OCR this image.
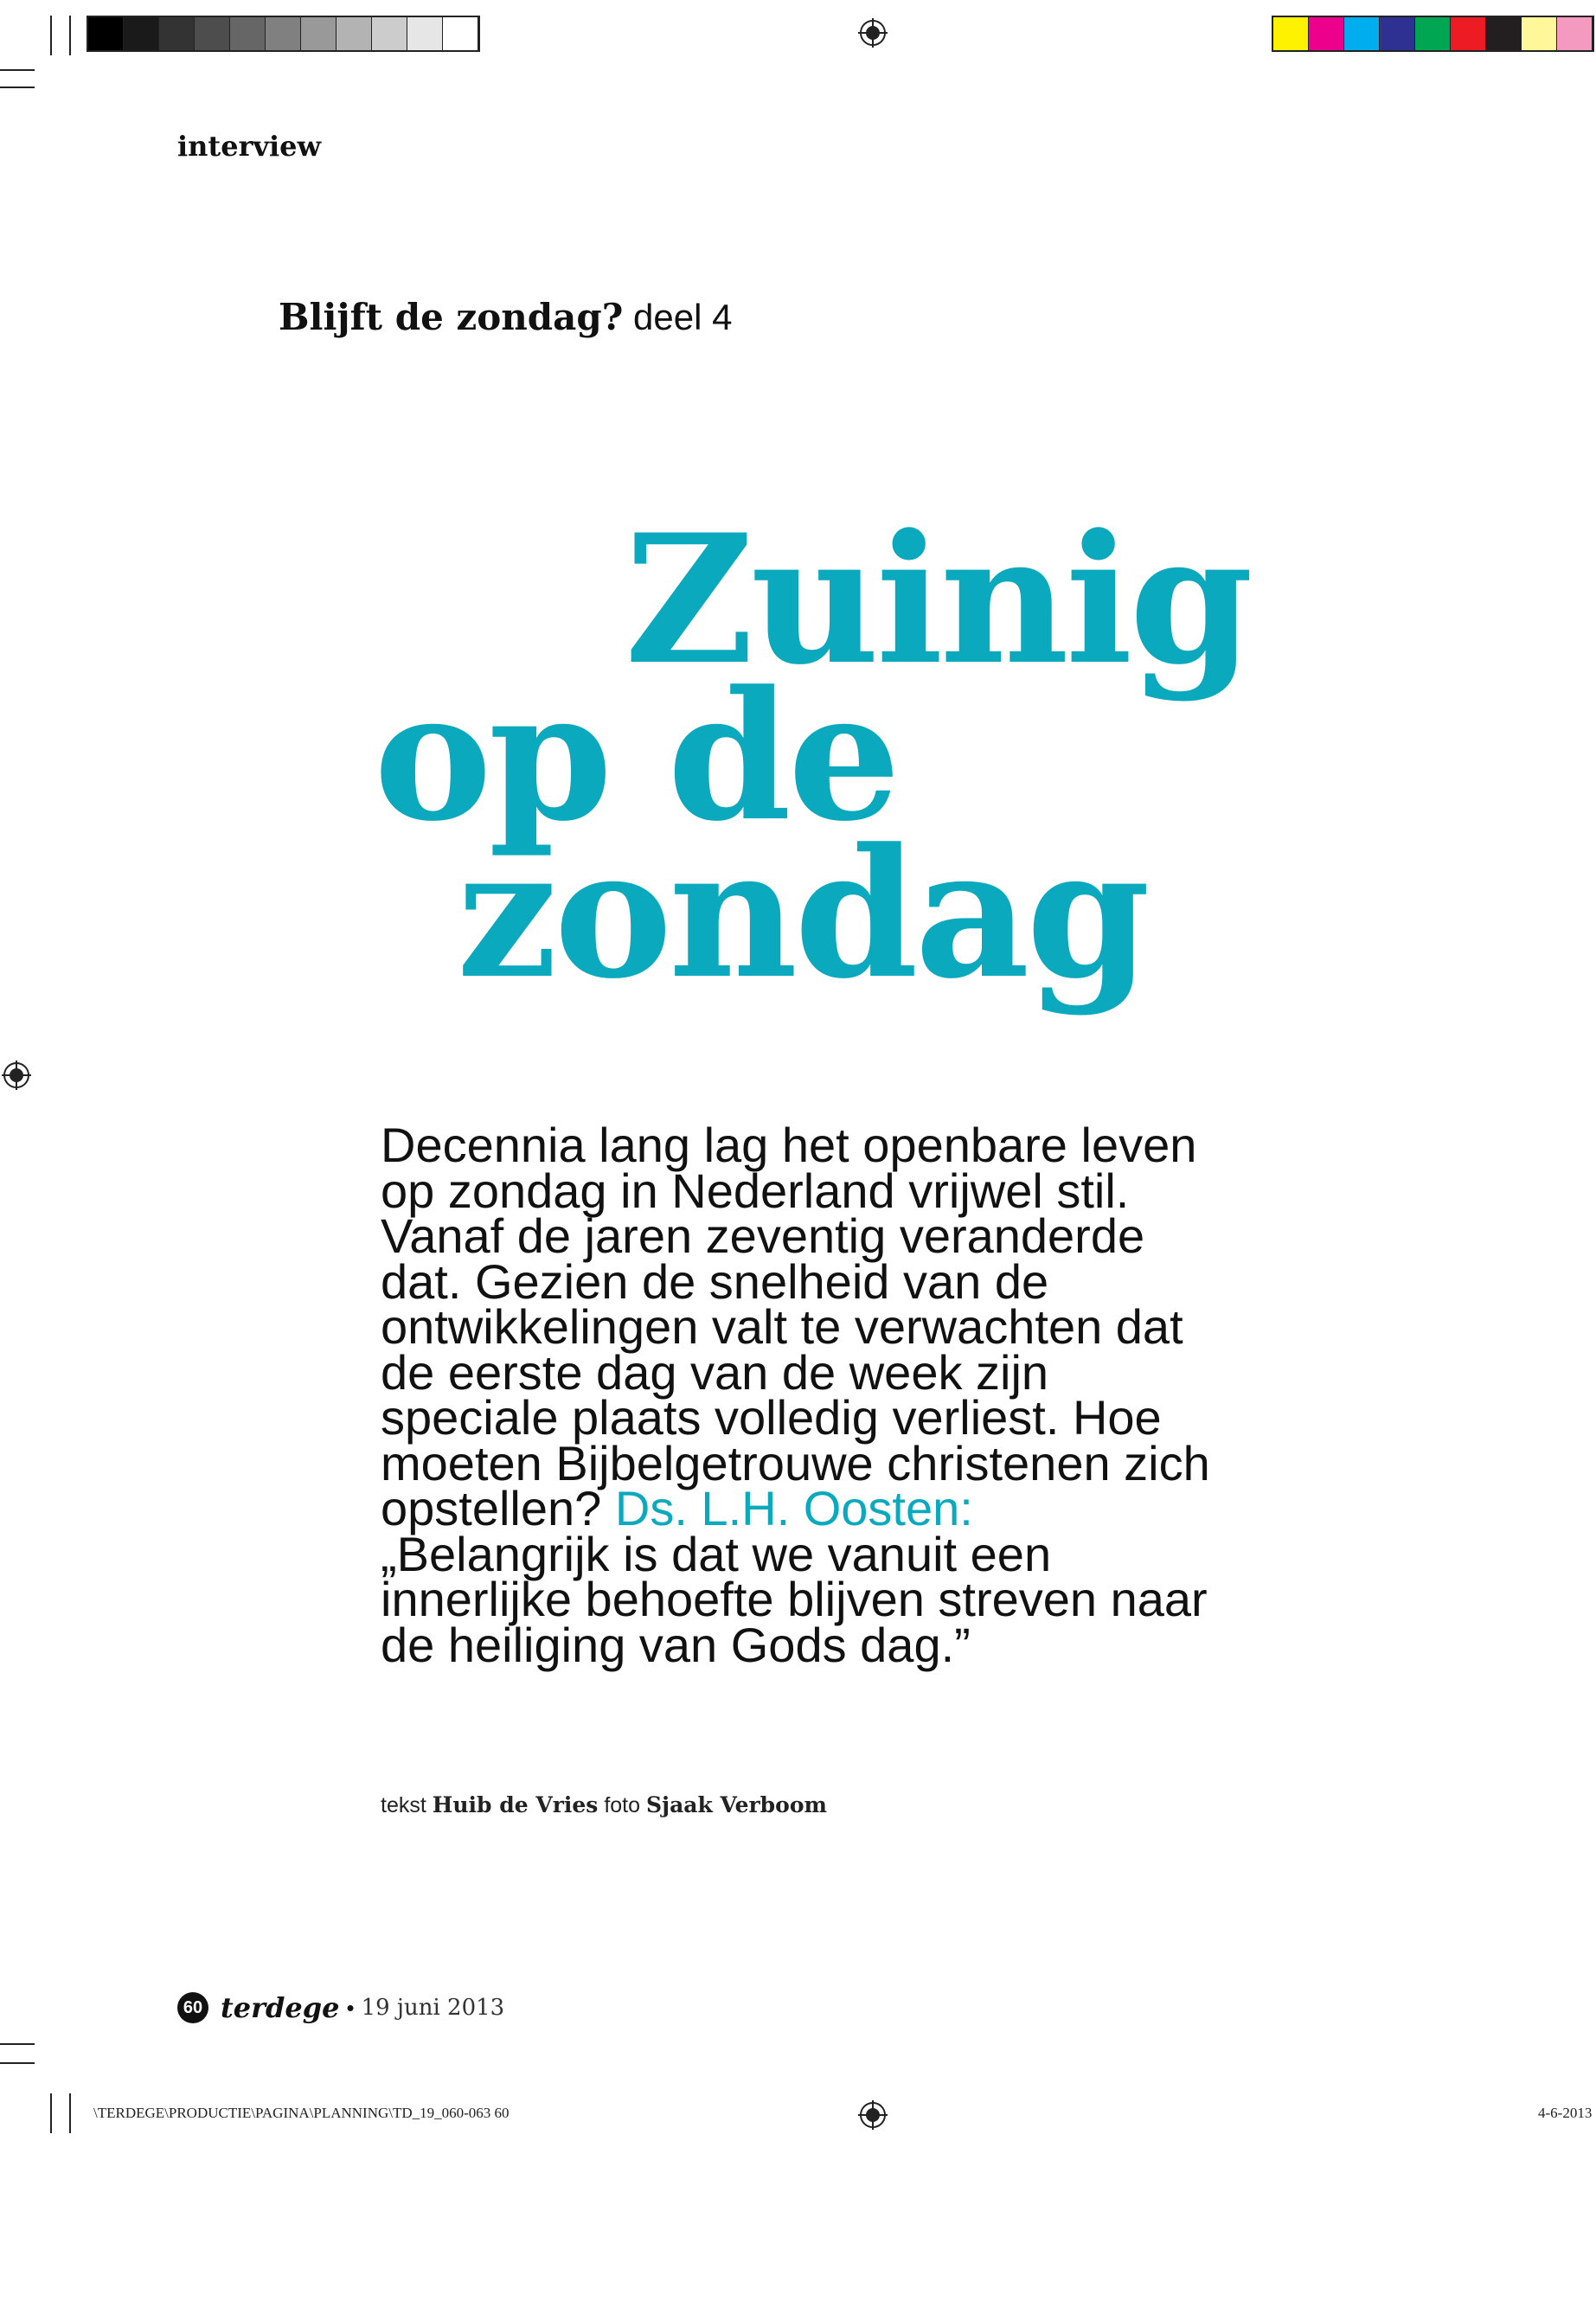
interview
Blijft de zondag? deel 4
Zuinig
op de
zondag
Decennia lang lag het openbare leven op zondag in Nederland vrijwel stil. Vanaf de jaren zeventig veranderde dat. Gezien de snelheid van de ontwikkelingen valt te verwachten dat de eerste dag van de week zijn speciale plaats volledig verliest. Hoe moeten Bijbelgetrouwe christenen zich opstellen? Ds. L.H. Oosten: „Belangrijk is dat we vanuit een innerlijke behoefte blijven streven naar de heiliging van Gods dag.”
tekst Huib de Vries foto Sjaak Verboom
60 terdege • 19 juni 2013
\TERDEGE\PRODUCTIE\PAGINA\PLANNING\TD_19_060-063 60	4-6-2013
